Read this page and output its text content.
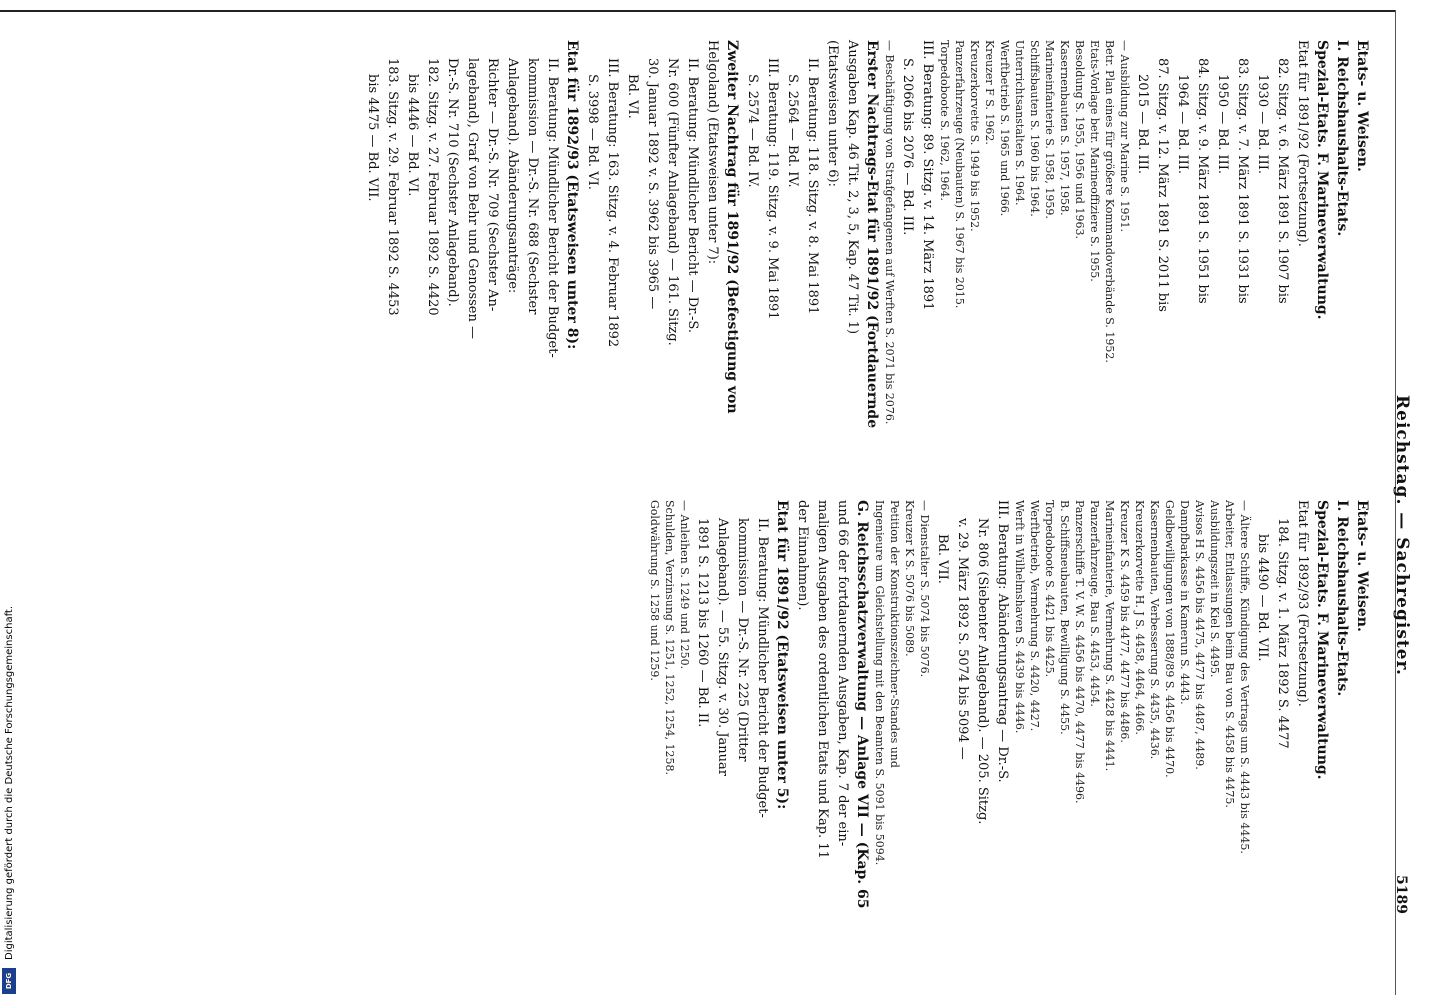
Reichstag. — Sachregister.
5189
Etats- u. Weisen.
I. Reichshaushalts-Etats.
Spezial-Etats. F. Marineverwaltung.
Etat für 1891/92 (Fortsetzung).
82. Sitzg. v. 6. März 1891 S. 1907 bis
1930 — Bd. III.
83. Sitzg. v. 7. März 1891 S. 1931 bis
1950 — Bd. III.
84. Sitzg. v. 9. März 1891 S. 1951 bis
1964 — Bd. III.
87. Sitzg. v. 12. März 1891 S. 2011 bis
2015 — Bd. III.
— Ausbildung zur Marine S. 1951.
Betr. Plan eines für größere Kommandoverbände S. 1952.
Etats-Vorlage betr. Marineoffiziere S. 1955.
Besoldung S. 1955, 1956 und 1963.
Kasernenbauten S. 1957, 1958.
Marineinfanterie S. 1958, 1959.
Schiffsbauten S. 1960 bis 1964.
Unterrichtsanstalten S. 1964.
Werftbetrieb S. 1965 und 1966.
Kreuzer F S. 1962.
Kreuzerkorvette S. 1949 bis 1952.
Panzerfahrzeuge (Neubauten) S. 1967 bis 2015.
Torpedoboote S. 1962, 1964.
III. Beratung: 89. Sitzg. v. 14. März 1891
S. 2066 bis 2076 — Bd. III.
— Beschäftigung von Strafgefangenen auf Werften S. 2071 bis 2076.
Erster Nachtrags-Etat für 1891/92 (Fortdauernde
Ausgaben Kap. 46 Tit. 2, 3, 5, Kap. 47 Tit. 1)
(Etatsweisen unter 6):
II. Beratung: 118. Sitzg. v. 8. Mai 1891
S. 2564 — Bd. IV.
III. Beratung: 119. Sitzg. v. 9. Mai 1891
S. 2574 — Bd. IV.
Zweiter Nachtrag für 1891/92 (Befestigung von
Helgoland) (Etatsweisen unter 7):
II. Beratung: Mündlicher Bericht — Dr.-S.
Nr. 600 (Fünfter Anlageband) — 161. Sitzg.
30. Januar 1892 v. S. 3962 bis 3965 —
Bd. VI.
III. Beratung: 163. Sitzg. v. 4. Februar 1892
S. 3998 — Bd. VI.
Etat für 1892/93 (Etatsweisen unter 8):
II. Beratung: Mündlicher Bericht der Budget-
kommission — Dr.-S. Nr. 688 (Sechster
Anlageband). Abänderungsanträge:
Richter — Dr.-S. Nr. 709 (Sechster An-
lageband), Graf von Behr und Genossen —
Dr.-S. Nr. 710 (Sechster Anlageband).
182. Sitzg. v. 27. Februar 1892 S. 4420
bis 4446 — Bd. VI.
183. Sitzg. v. 29. Februar 1892 S. 4453
bis 4475 — Bd. VII.
Etats- u. Weisen.
I. Reichshaushalts-Etats.
Spezial-Etats. F. Marineverwaltung.
Etat für 1892/93 (Fortsetzung).
184. Sitzg. v. 1. März 1892 S. 4477
bis 4490 — Bd. VII.
— Ältere Schiffe, Kündigung des Vertrags um S. 4443 bis 4445.
Arbeiter, Entlassungen beim Bau von S. 4458 bis 4475.
Ausbildungszeit in Kiel S. 4495.
Avisos H S. 4456 bis 4475, 4477 bis 4487, 4489.
Dampfbarkasse in Kamerun S. 4443.
Geldbewilligungen von 1888/89 S. 4456 bis 4470.
Kasernenbauten, Verbesserung S. 4435, 4436.
Kreuzerkorvette H. J S. 4458, 4464, 4466.
Kreuzer K S. 4459 bis 4477, 4477 bis 4486.
Marineinfanterie, Vermehrung S. 4428 bis 4441.
Panzerfahrzeuge, Bau S. 4453, 4454.
Panzerschiffe T. V. W. S. 4456 bis 4470, 4477 bis 4496.
B. Schiffsneubauten, Bewilligung S. 4455.
Torpedoboote S. 4421 bis 4425.
Werftbetrieb, Vermehrung S. 4420, 4427.
Werft in Wilhelmshaven S. 4439 bis 4446.
III. Beratung: Abänderungsantrag — Dr.-S.
Nr. 806 (Siebenter Anlageband). — 205. Sitzg.
v. 29. März 1892 S. 5074 bis 5094 —
Bd. VII.
— Dienstalter S. 5074 bis 5076.
Kreuzer K S. 5076 bis 5089.
Petition der Konstruktionszeichner-Standes und
Ingenieure um Gleichstellung mit den Beamten S. 5091 bis 5094.
G. Reichsschatzverwaltung — Anlage VII — (Kap. 65
und 66 der fortdauernden Ausgaben, Kap. 7 der ein-
maligen Ausgaben des ordentlichen Etats und Kap. 11
der Einnahmen).
Etat für 1891/92 (Etatsweisen unter 5):
II. Beratung: Mündlicher Bericht der Budget-
kommission — Dr.-S. Nr. 225 (Dritter
Anlageband). — 55. Sitzg. v. 30. Januar
1891 S. 1213 bis 1260 — Bd. II.
— Anleihen S. 1249 und 1250.
Schulden, Verzinsung S. 1251, 1252, 1254, 1258.
Goldwährung S. 1258 und 1259.
Digitalisierung gefördert durch die Deutsche Forschungsgemeinschaft.
DFG
